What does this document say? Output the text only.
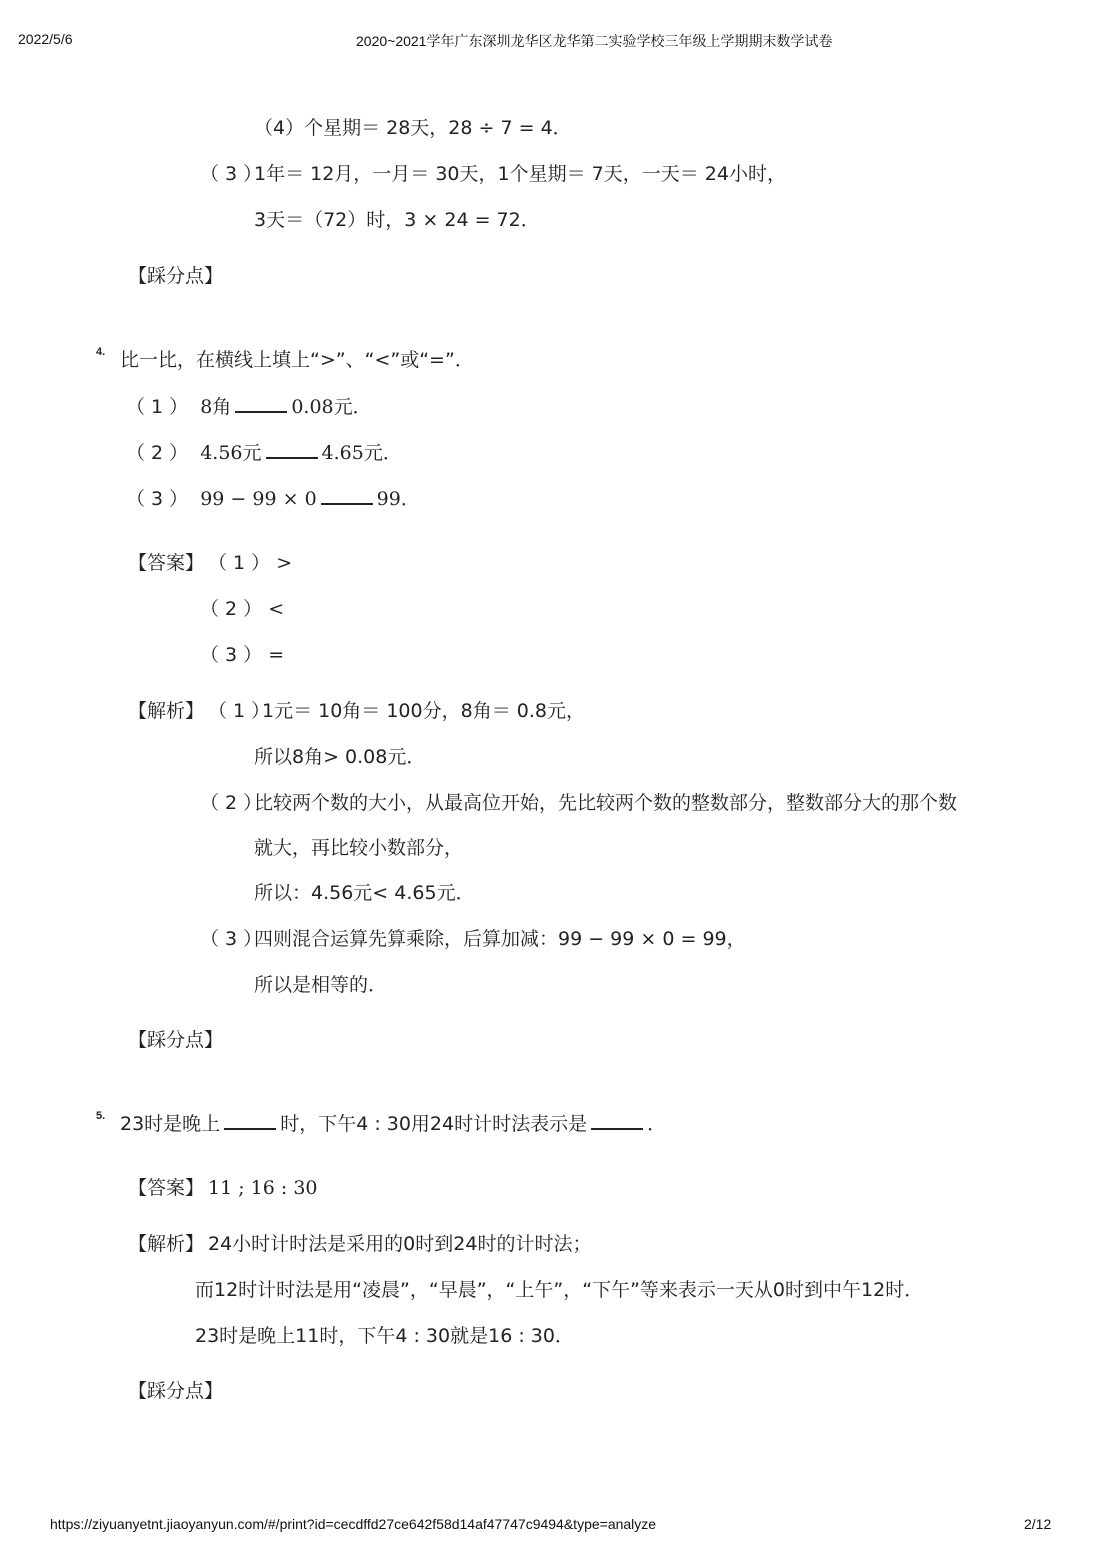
2022/5/6	2020~2021学年广东深圳龙华区龙华第二实验学校三年级上学期期末数学试卷
（4）个星期＝ 28天，28 ÷ 7 = 4．
（ 3 ）
1年＝ 12月，一月＝ 30天，1个星期＝ 7天，一天＝ 24小时，
3天＝（72）时，3 × 24 = 72．
【踩分点】
4. 比一比，在横线上填上“>”、“<”或“=”．
（ 1 ） 8角	0.08元．
（ 2 ） 4.56元	4.65元．
（ 3 ） 99 − 99 × 0	99．
【答案】 （ 1 ） >
（ 2 ） <
（ 3 ） =
【解析】 （ 1 ）
1元＝ 10角＝ 100分，8角＝ 0.8元，
所以8角> 0.08元．
（ 2 ）
比较两个数的大小，从最高位开始，先比较两个数的整数部分，整数部分大的那个数
就大，再比较小数部分，
所以：4.56元< 4.65元．
（ 3 ）
四则混合运算先算乘除，后算加减：99 − 99 × 0 = 99，
所以是相等的．
【踩分点】
5. 23时是晚上	时，下午4 : 30用24时计时法表示是	．
【答案】 11 ; 16 : 30
【解析】 24小时计时法是采用的0时到24时的计时法；
而12时计时法是用“凌晨”，“早晨”，“上午”，“下午”等来表示一天从0时到中午12时．
23时是晚上11时，下午4 : 30就是16 : 30．
【踩分点】
https://ziyuanyetnt.jiaoyanyun.com/#/print?id=cecdffd27ce642f58d14af47747c9494&type=analyze	2/12
